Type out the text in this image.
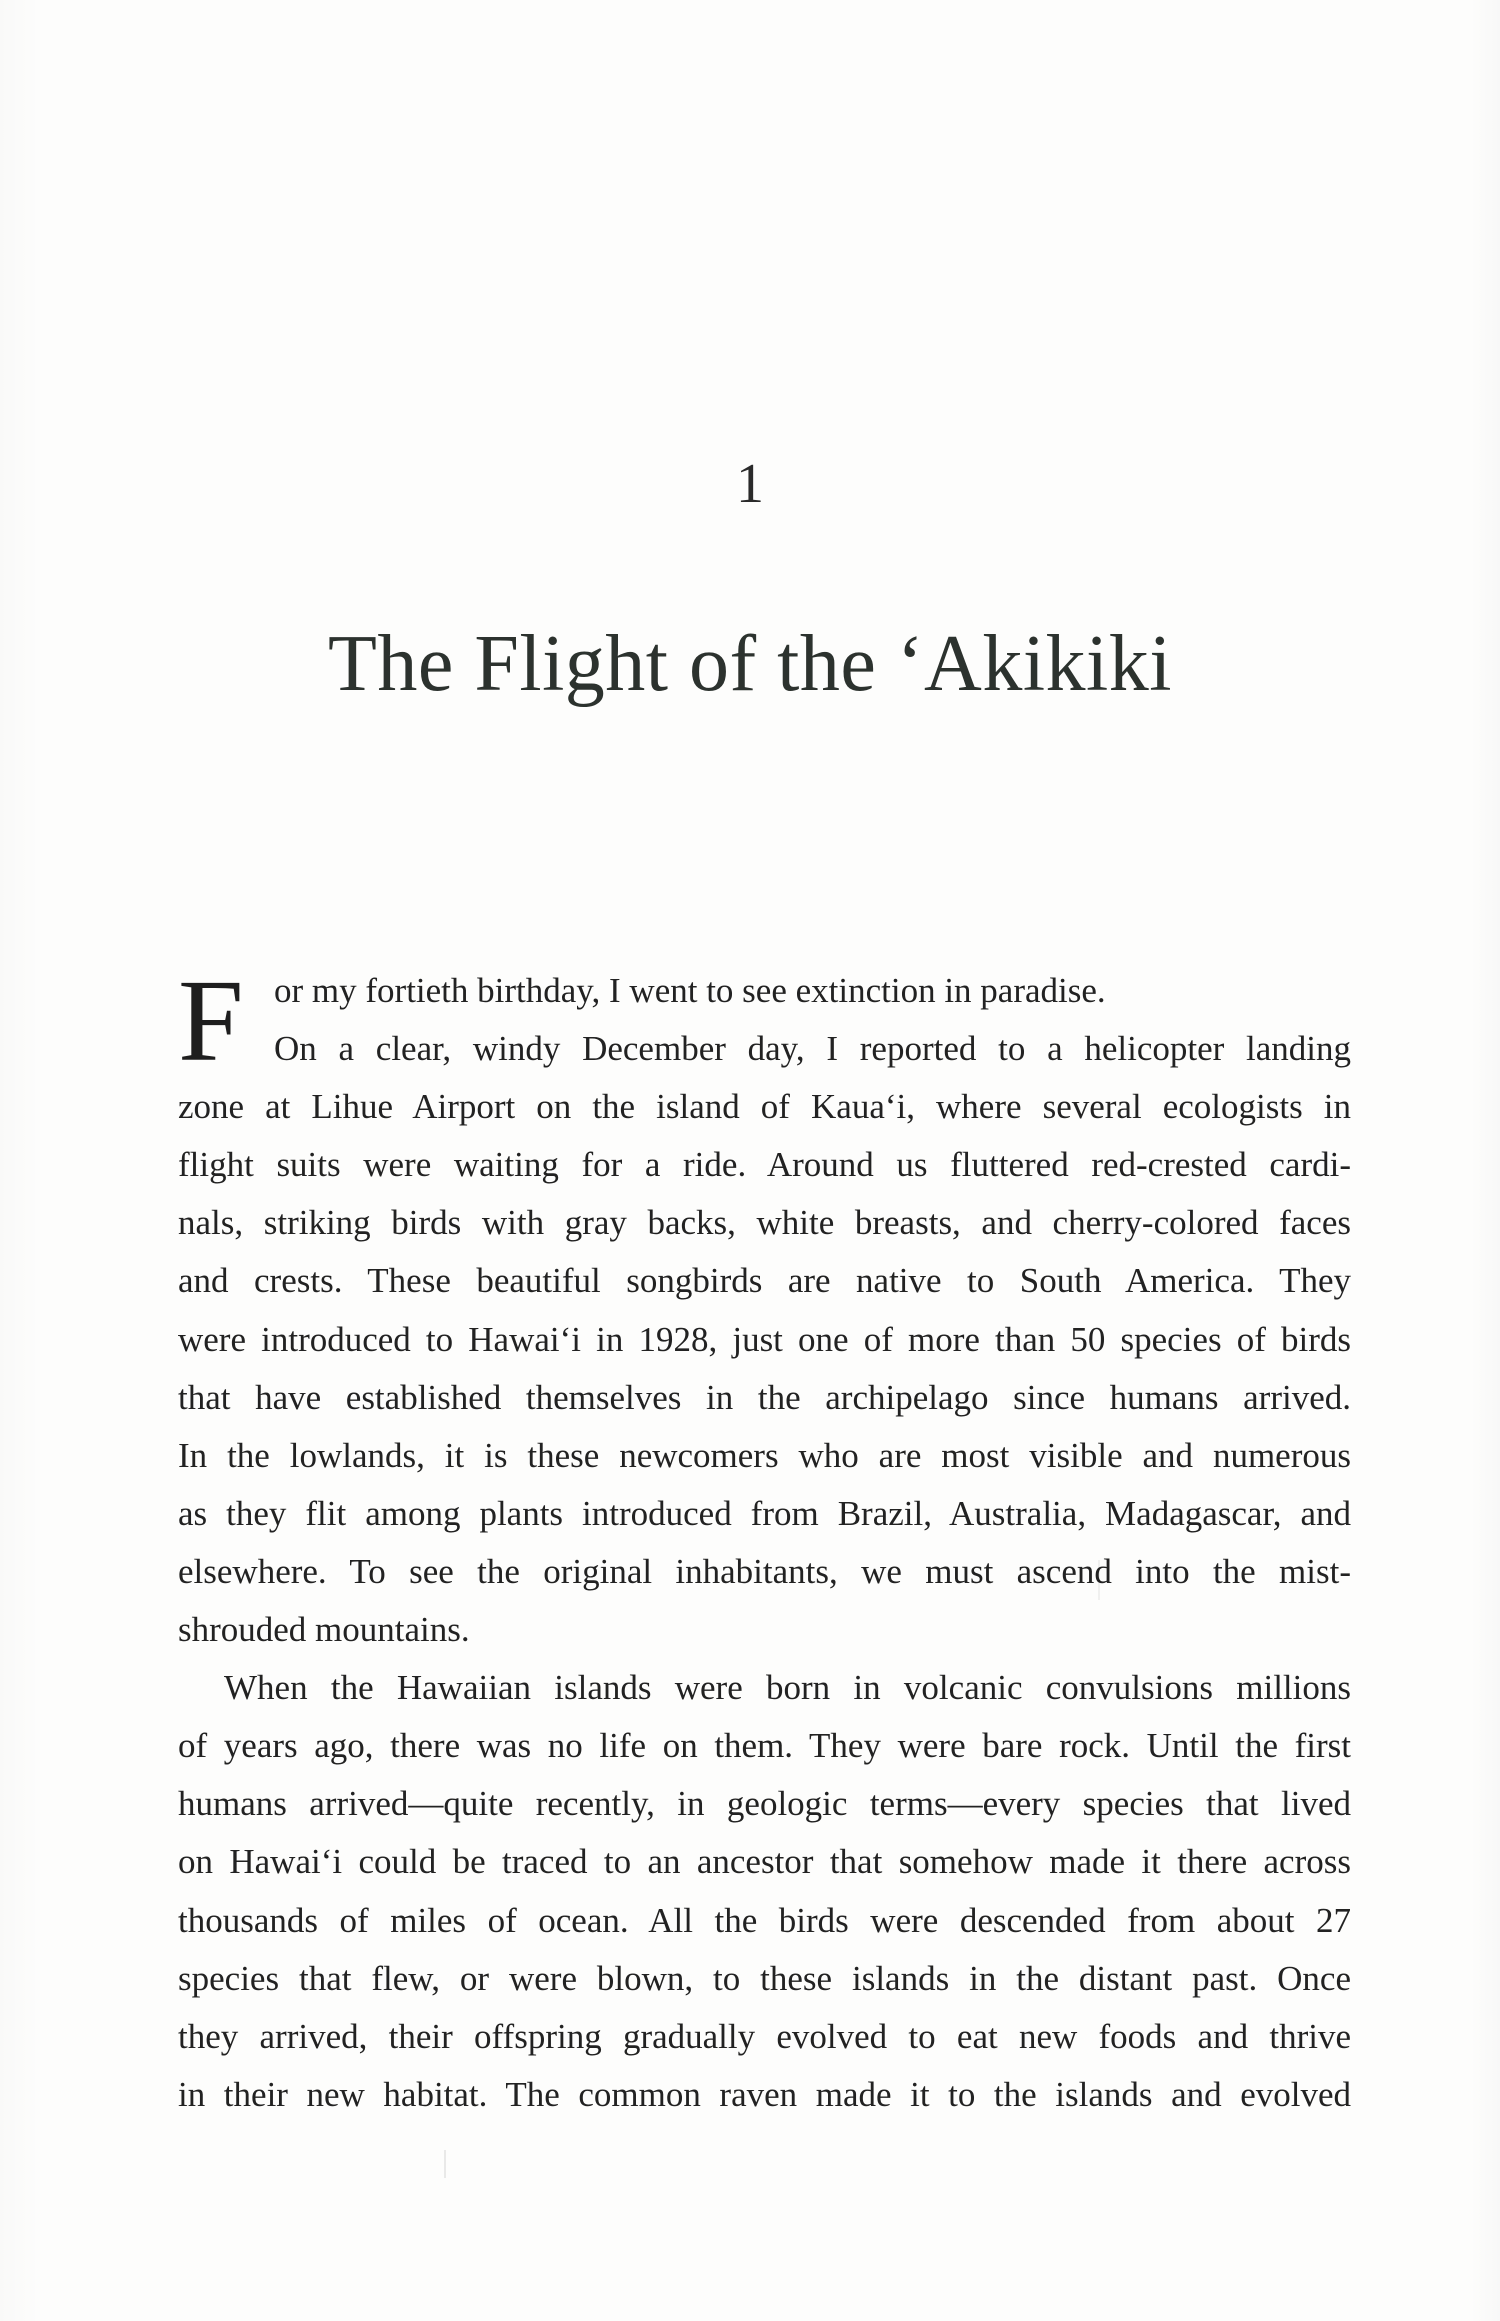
1
The Flight of the ‘Akikiki
F or my fortieth birthday, I went to see extinction in paradise.
On a clear, windy December day, I reported to a helicopter landing
zone at Lihue Airport on the island of Kaua‘i, where several ecologists in
flight suits were waiting for a ride. Around us fluttered red-crested cardi-
nals, striking birds with gray backs, white breasts, and cherry-colored faces
and crests. These beautiful songbirds are native to South America. They
were introduced to Hawai‘i in 1928, just one of more than 50 species of birds
that have established themselves in the archipelago since humans arrived.
In the lowlands, it is these newcomers who are most visible and numerous
as they flit among plants introduced from Brazil, Australia, Madagascar, and
elsewhere. To see the original inhabitants, we must ascend into the mist-
shrouded mountains.
When the Hawaiian islands were born in volcanic convulsions millions
of years ago, there was no life on them. They were bare rock. Until the first
humans arrived—quite recently, in geologic terms—every species that lived
on Hawai‘i could be traced to an ancestor that somehow made it there across
thousands of miles of ocean. All the birds were descended from about 27
species that flew, or were blown, to these islands in the distant past. Once
they arrived, their offspring gradually evolved to eat new foods and thrive
in their new habitat. The common raven made it to the islands and evolved
